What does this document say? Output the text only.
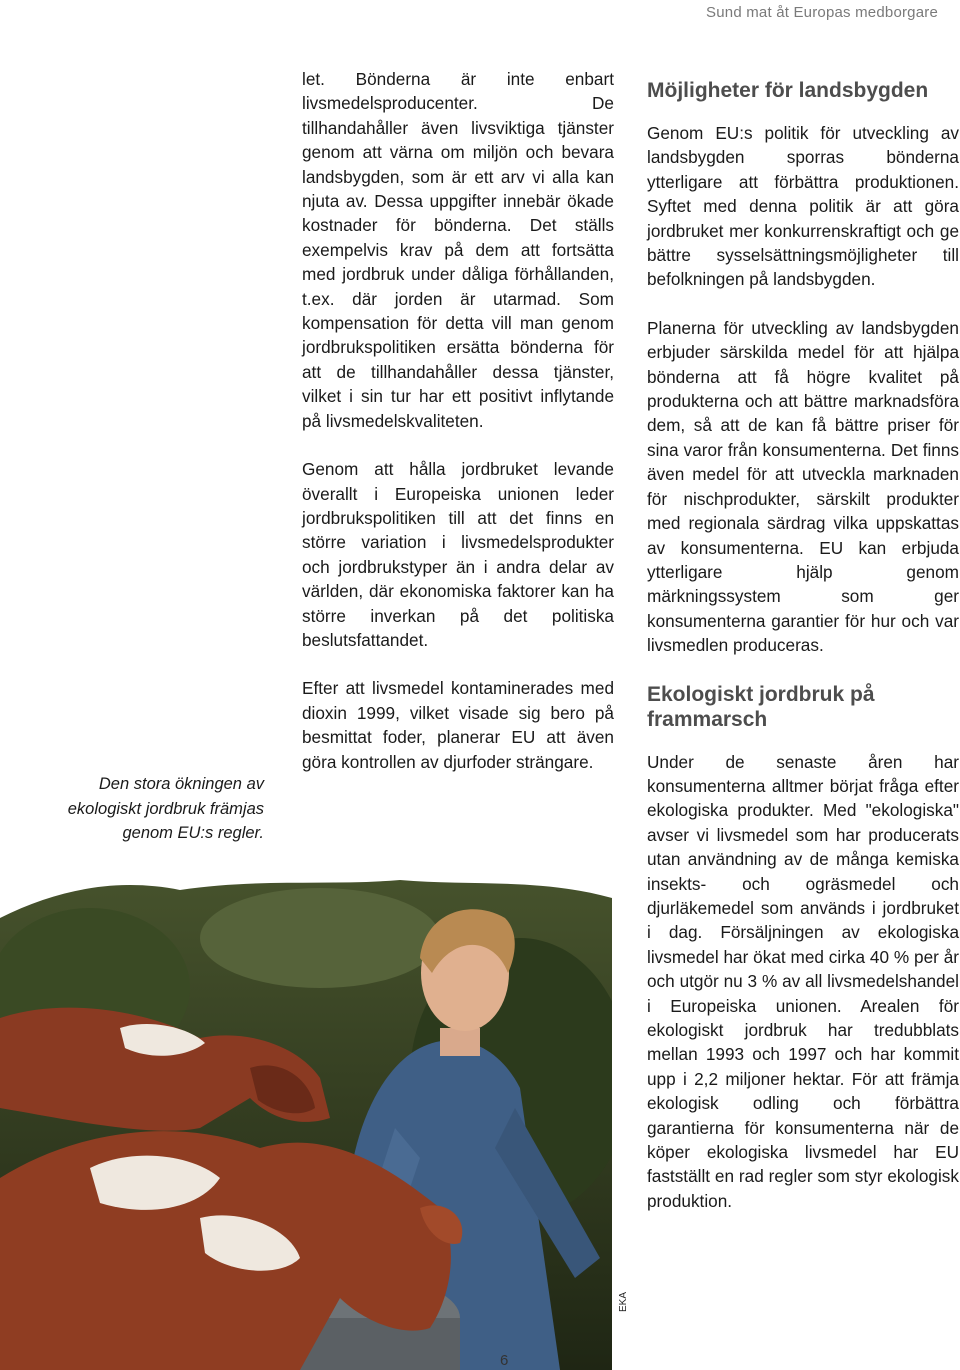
Sund mat åt Europas medborgare

let. Bönderna är inte enbart livsmedelsproducenter. De tillhandahåller även livsviktiga tjänster genom att värna om miljön och bevara landsbygden, som är ett arv vi alla kan njuta av. Dessa uppgifter innebär ökade kostnader för bönderna. Det ställs exempelvis krav på dem att fortsätta med jordbruk under dåliga förhållanden, t.ex. där jorden är utarmad. Som kompensation för detta vill man genom jordbrukspolitiken ersätta bönderna för att de tillhandahåller dessa tjänster, vilket i sin tur har ett positivt inflytande på livsmedelskvaliteten.

Genom att hålla jordbruket levande överallt i Europeiska unionen leder jordbrukspolitiken till att det finns en större variation i livsmedelsprodukter och jordbrukstyper än i andra delar av världen, där ekonomiska faktorer kan ha större inverkan på det politiska beslutsfattandet.

Efter att livsmedel kontaminerades med dioxin 1999, vilket visade sig bero på besmittat foder, planerar EU att även göra kontrollen av djurfoder strängare.

Möjligheter för landsbygden

Genom EU:s politik för utveckling av landsbygden sporras bönderna ytterligare att förbättra produktionen. Syftet med denna politik är att göra jordbruket mer konkurrenskraftigt och ge bättre sysselsättningsmöjligheter till befolkningen på landsbygden.

Planerna för utveckling av landsbygden erbjuder särskilda medel för att hjälpa bönderna att få högre kvalitet på produkterna och att bättre marknadsföra dem, så att de kan få bättre priser för sina varor från konsumenterna. Det finns även medel för att utveckla marknaden för nischprodukter, särskilt produkter med regionala särdrag vilka uppskattas av konsumenterna. EU kan erbjuda ytterligare hjälp genom märkningssystem som ger konsumenterna garantier för hur och var livsmedlen produceras.

Ekologiskt jordbruk på frammarsch

Under de senaste åren har konsumenterna alltmer börjat fråga efter ekologiska produkter. Med "ekologiska" avser vi livsmedel som har producerats utan användning av de många kemiska insekts- och ogräsmedel och djurläkemedel som används i jordbruket i dag. Försäljningen av ekologiska livsmedel har ökat med cirka 40 % per år och utgör nu 3 % av all livsmedelshandel i Europeiska unionen. Arealen för ekologiskt jordbruk har tredubblats mellan 1993 och 1997 och har kommit upp i 2,2 miljoner hektar. För att främja ekologisk odling och förbättra garantierna för konsumenterna när de köper ekologiska livsmedel har EU fastställt en rad regler som styr ekologisk produktion.

Den stora ökningen av ekologiskt jordbruk främjas genom EU:s regler.
EKA
6
